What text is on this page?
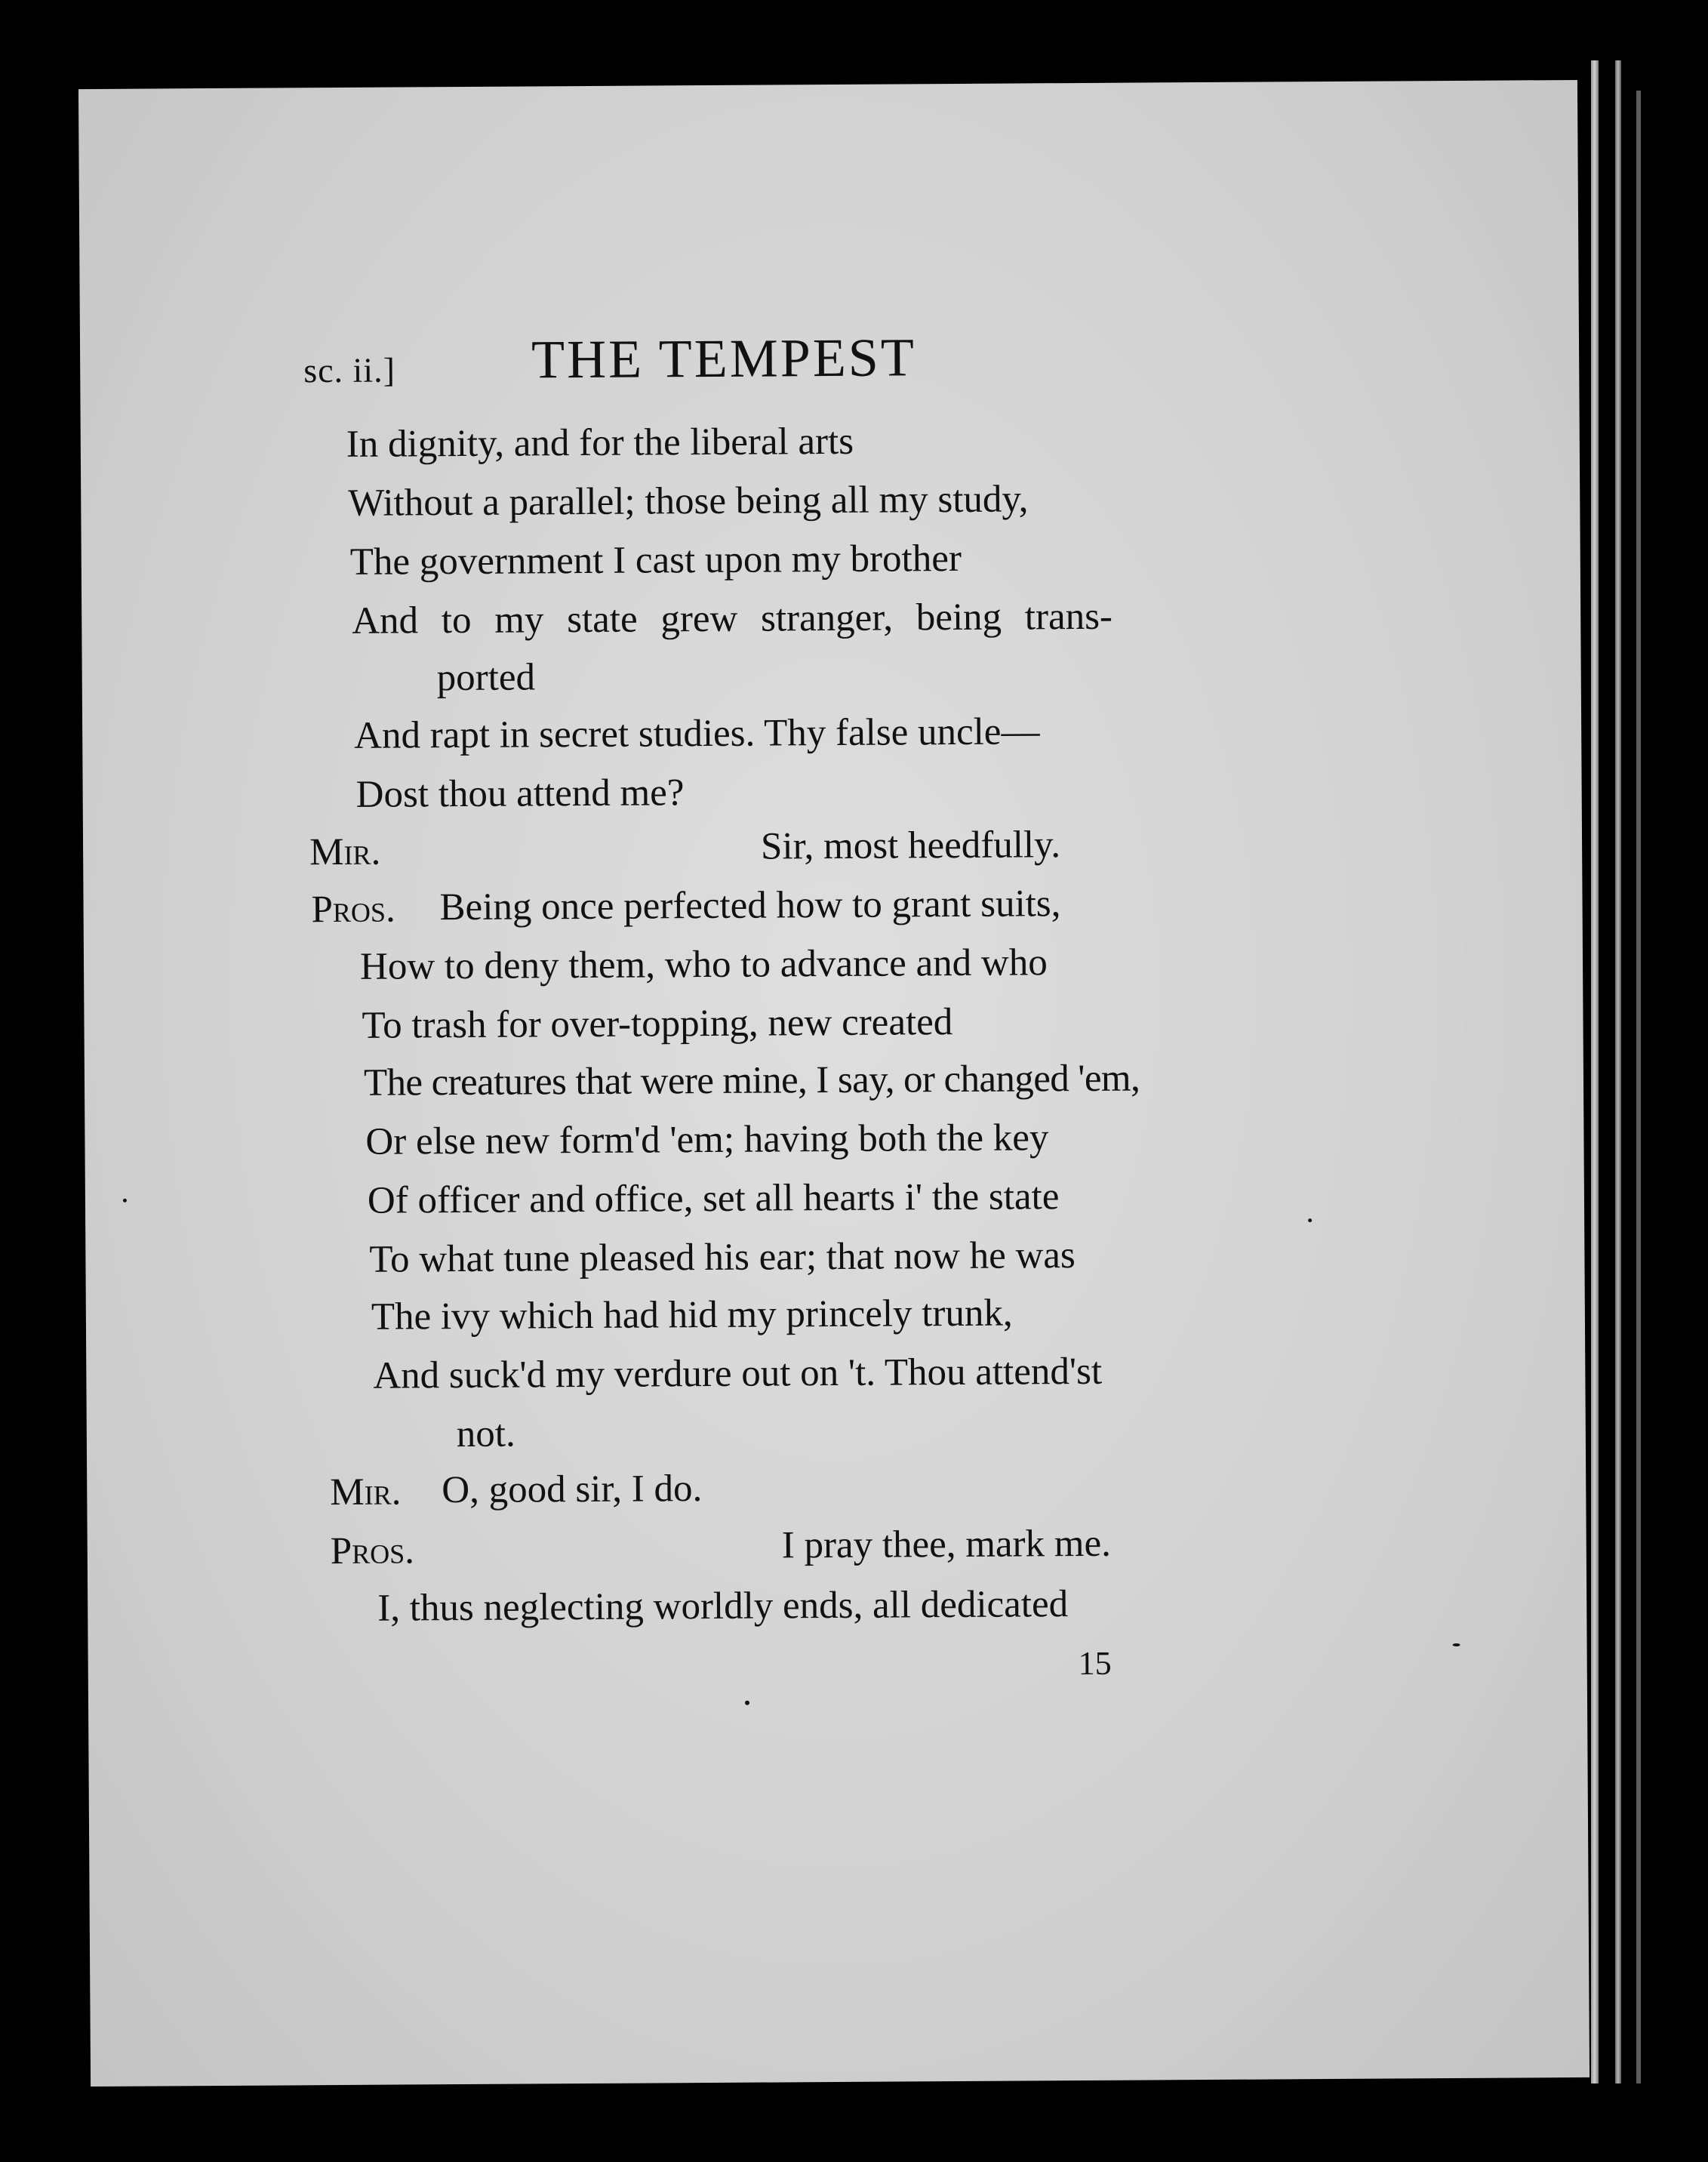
sc. ii.] THE TEMPEST
In dignity, and for the liberal arts
Without a parallel; those being all my study,
The government I cast upon my brother
And to my state grew stranger, being trans-
ported
And rapt in secret studies. Thy false uncle—
Dost thou attend me?
Mir.	Sir, most heedfully.
Pros. Being once perfected how to grant suits,
How to deny them, who to advance and who
To trash for over-topping, new created
The creatures that were mine, I say, or changed 'em,
Or else new form'd 'em; having both the key
Of officer and office, set all hearts i' the state
To what tune pleased his ear; that now he was
The ivy which had hid my princely trunk,
And suck'd my verdure out on 't. Thou attend'st
not.
Mir. O, good sir, I do.
Pros.	I pray thee, mark me.
I, thus neglecting worldly ends, all dedicated
15
